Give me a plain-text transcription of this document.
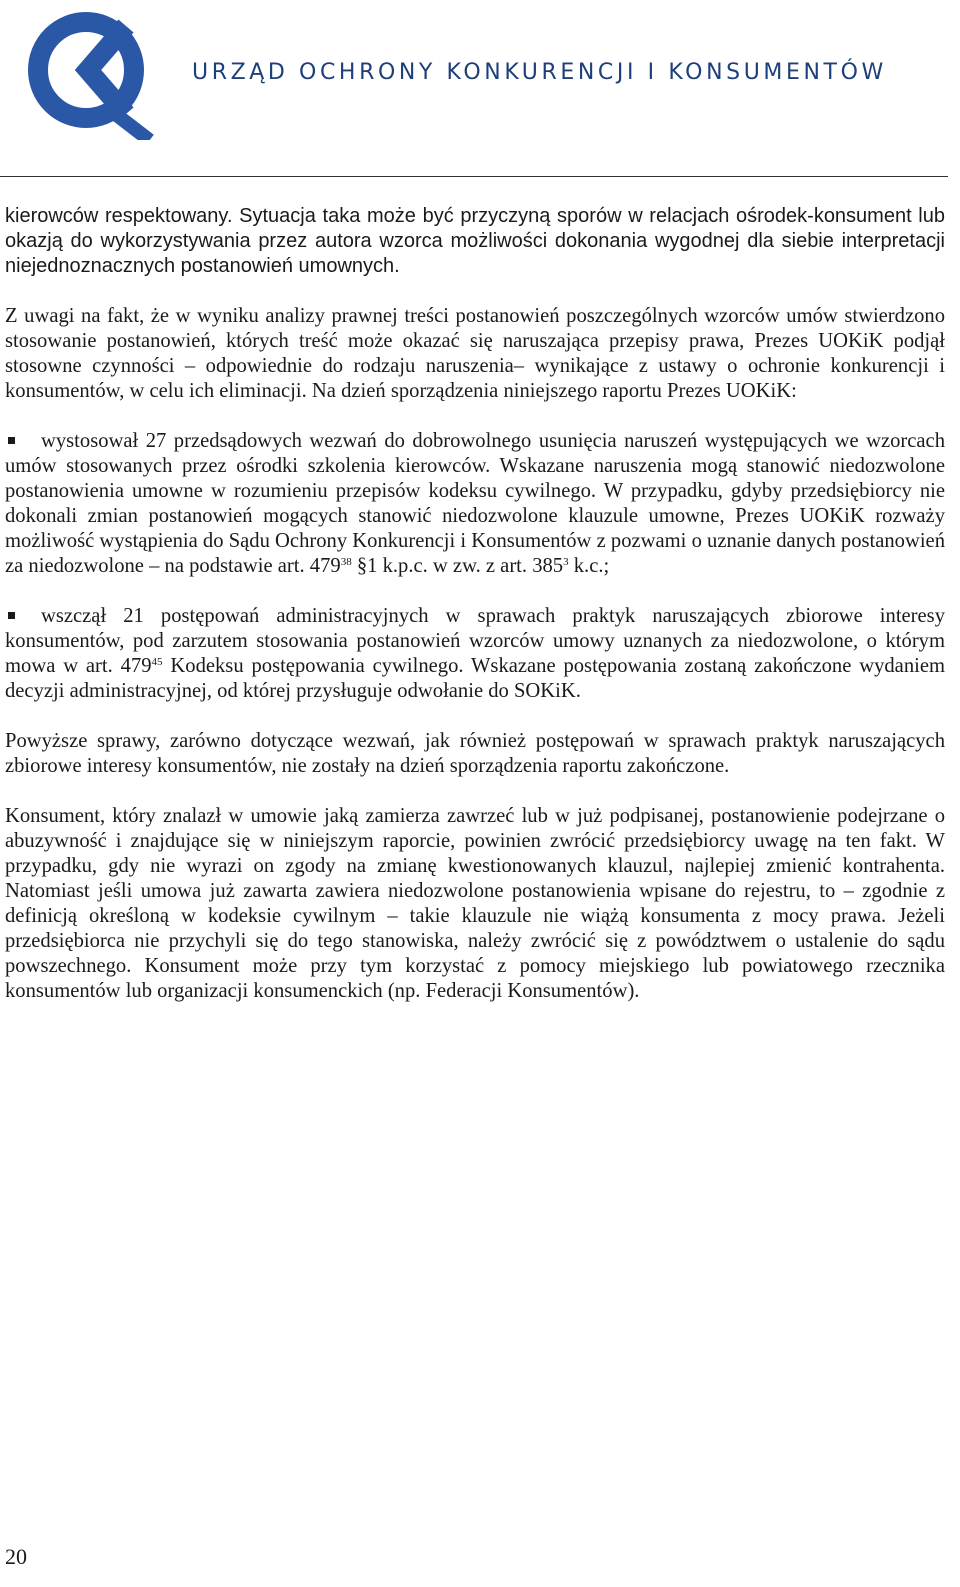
URZĄD OCHRONY KONKURENCJI I KONSUMENTÓW

kierowców respektowany. Sytuacja taka może być przyczyną sporów w relacjach ośrodek-konsument lub okazją do wykorzystywania przez autora wzorca możliwości dokonania wygodnej dla siebie interpretacji niejednoznacznych postanowień umownych.

Z uwagi na fakt, że w wyniku analizy prawnej treści postanowień poszczególnych wzorców umów stwierdzono stosowanie postanowień, których treść może okazać się naruszająca przepisy prawa, Prezes UOKiK podjął stosowne czynności – odpowiednie do rodzaju naruszenia– wynikające z ustawy o ochronie konkurencji i konsumentów, w celu ich eliminacji. Na dzień sporządzenia niniejszego raportu Prezes UOKiK:

wystosował 27 przedsądowych wezwań do dobrowolnego usunięcia naruszeń występujących we wzorcach umów stosowanych przez ośrodki szkolenia kierowców. Wskazane naruszenia mogą stanowić niedozwolone postanowienia umowne w rozumieniu przepisów kodeksu cywilnego. W przypadku, gdyby przedsiębiorcy nie dokonali zmian postanowień mogących stanowić niedozwolone klauzule umowne, Prezes UOKiK rozważy możliwość wystąpienia do Sądu Ochrony Konkurencji i Konsumentów z pozwami o uznanie danych postanowień za niedozwolone – na podstawie art. $479^{38}$ §1 k.p.c. w zw. z art. $385^3$ k.c.;

wszczął 21 postępowań administracyjnych w sprawach praktyk naruszających zbiorowe interesy konsumentów, pod zarzutem stosowania postanowień wzorców umowy uznanych za niedozwolone, o którym mowa w art. $479^{45}$ Kodeksu postępowania cywilnego. Wskazane postępowania zostaną zakończone wydaniem decyzji administracyjnej, od której przysługuje odwołanie do SOKiK.

Powyższe sprawy, zarówno dotyczące wezwań, jak również postępowań w sprawach praktyk naruszających zbiorowe interesy konsumentów, nie zostały na dzień sporządzenia raportu zakończone.

Konsument, który znalazł w umowie jaką zamierza zawrzeć lub w już podpisanej, postanowienie podejrzane o abuzywność i znajdujące się w niniejszym raporcie, powinien zwrócić przedsiębiorcy uwagę na ten fakt. W przypadku, gdy nie wyrazi on zgody na zmianę kwestionowanych klauzul, najlepiej zmienić kontrahenta. Natomiast jeśli umowa już zawarta zawiera niedozwolone postanowienia wpisane do rejestru, to – zgodnie z definicją określoną w kodeksie cywilnym – takie klauzule nie wiążą konsumenta z mocy prawa. Jeżeli przedsiębiorca nie przychyli się do tego stanowiska, należy zwrócić się z powództwem o ustalenie do sądu powszechnego. Konsument może przy tym korzystać z pomocy miejskiego lub powiatowego rzecznika konsumentów lub organizacji konsumenckich (np. Federacji Konsumentów).

20
